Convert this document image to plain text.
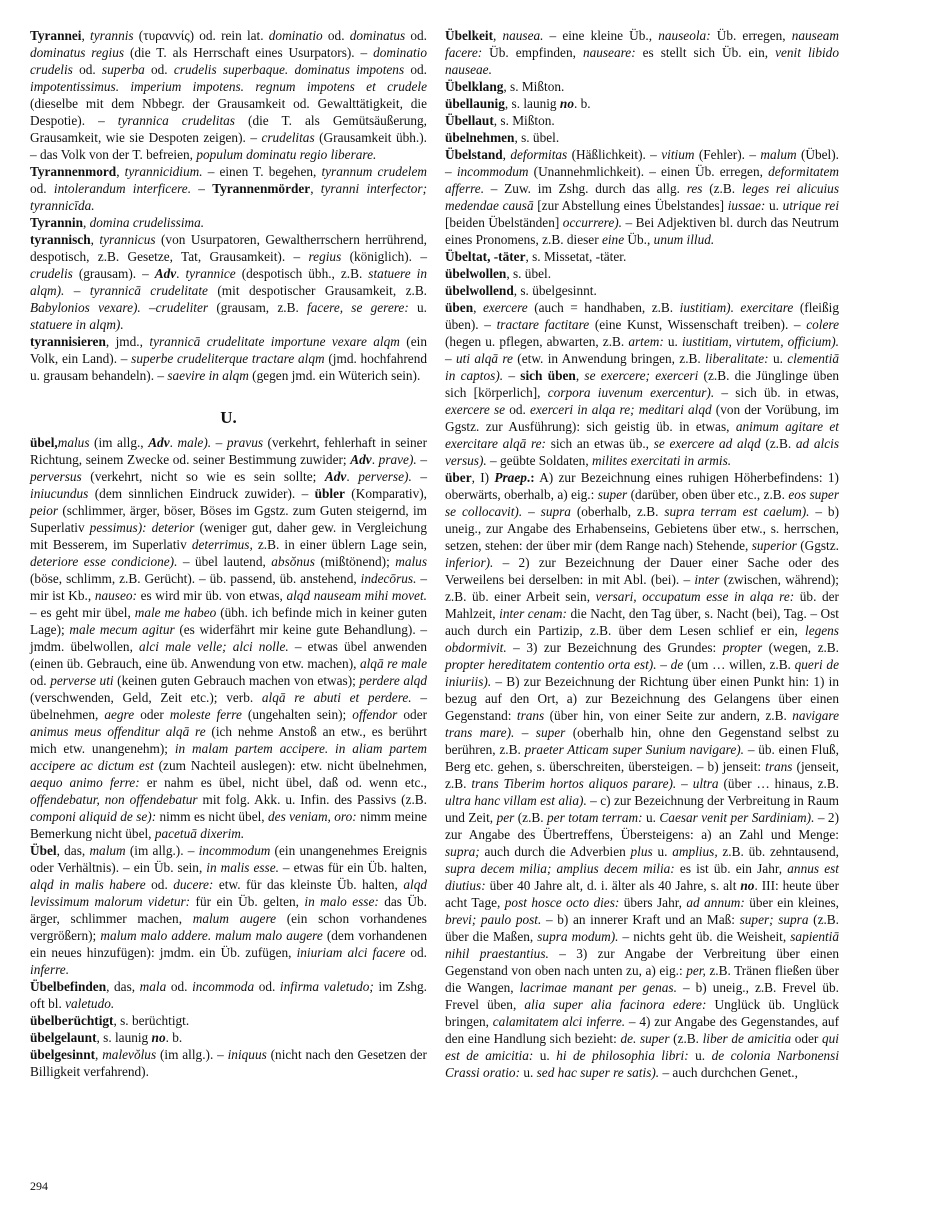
Tyrannei, tyrannis (τυραννίς) od. rein lat. dominatio od. dominatus od. dominatus regius (die T. als Herrschaft eines Usurpators). – dominatio crudelis od. superba od. crudelis superbaque. dominatus impotens od. impotentissimus. imperium impotens. regnum impotens et crudele (dieselbe mit dem Nbbegr. der Grausamkeit od. Gewalttätigkeit, die Despotie). – tyrannica crudelitas (die T. als Gemütsäußerung, Grausamkeit, wie sie Despoten zeigen). – crudelitas (Grausamkeit übh.). – das Volk von der T. befreien, populum dominatu regio liberare.

Tyrannenmord, tyrannicidium. – einen T. begehen, tyrannum crudelem od. intolerandum interficere. – Tyrannenmörder, tyranni interfector; tyrannicīda.

Tyrannin, domina crudelissima.

tyrannisch, tyrannicus (von Usurpatoren, Gewaltherrschern herrührend, despotisch, z.B. Gesetze, Tat, Grausamkeit). – regius (königlich). – crudelis (grausam). – Adv. tyrannice (despotisch übh., z.B. statuere in alqm). – tyrannicā crudelitate (mit despotischer Grausamkeit, z.B. Babylonios vexare). –crudeliter (grausam, z.B. facere, se gerere: u. statuere in alqm).

tyrannisieren, jmd., tyrannicā crudelitate importune vexare alqm (ein Volk, ein Land). – superbe crudeliterque tractare alqm (jmd. hochfahrend u. grausam behandeln). – saevire in alqm (gegen jmd. ein Wüterich sein).

U.

übel,malus (im allg., Adv. male). – pravus (verkehrt, fehlerhaft in seiner Richtung, seinem Zwecke od. seiner Bestimmung zuwider; Adv. prave). – perversus (verkehrt, nicht so wie es sein sollte; Adv. perverse). – iniucundus (dem sinnlichen Eindruck zuwider). – übler (Komparativ), peior (schlimmer, ärger, böser, Böses im Ggstz. zum Guten steigernd, im Superlativ pessimus): deterior (weniger gut, daher gew. in Vergleichung mit Besserem, im Superlativ deterrimus, z.B. in einer üblern Lage sein, deteriore esse condicione). – übel lautend, absŏnus (mißtönend); malus (böse, schlimm, z.B. Gerücht). – üb. passend, üb. anstehend, indecōrus. – mir ist Kb., nauseo: es wird mir üb. von etwas, alqd nauseam mihi movet. – es geht mir übel, male me habeo (übh. ich befinde mich in keiner guten Lage); male mecum agitur (es widerfährt mir keine gute Behandlung). – jmdm. übelwollen, alci male velle; alci nolle. – etwas übel anwenden (einen üb. Gebrauch, eine üb. Anwendung von etw. machen), alqā re male od. perverse uti (keinen guten Gebrauch machen von etwas); perdere alqd (verschwenden, Geld, Zeit etc.); verb. alqā re abuti et perdere. – übelnehmen, aegre oder moleste ferre (ungehalten sein); offendor oder animus meus offenditur alqā re (ich nehme Anstoß an etw., es berührt mich etw. unangenehm); in malam partem accipere. in aliam partem accipere ac dictum est (zum Nachteil auslegen): etw. nicht übelnehmen, aequo animo ferre: er nahm es übel, nicht übel, daß od. wenn etc., offendebatur, non offendebatur mit folg. Akk. u. Infin. des Passivs (z.B. componi aliquid de se): nimm es nicht übel, des veniam, oro: nimm meine Bemerkung nicht übel, pacetuā dixerim.

Übel, das, malum (im allg.). – incommodum (ein unangenehmes Ereignis oder Verhältnis). – ein Üb. sein, in malis esse. – etwas für ein Üb. halten, alqd in malis habere od. ducere: etw. für das kleinste Üb. halten, alqd levissimum malorum videtur: für ein Üb. gelten, in malo esse: das Üb. ärger, schlimmer machen, malum augere (ein schon vorhandenes vergrößern); malum malo addere. malum malo augere (dem vorhandenen ein neues hinzufügen): jmdm. ein Üb. zufügen, iniuriam alci facere od. inferre.

Übelbefinden, das, mala od. incommoda od. infirma valetudo; im Zshg. oft bl. valetudo.

übelberüchtigt, s. berüchtigt.

übelgelaunt, s. launig no. b.

übelgesinnt, malevŏlus (im allg.). – iniquus (nicht nach den Gesetzen der Billigkeit verfahrend).

Übelkeit, nausea. – eine kleine Üb., nauseola: Üb. erregen, nauseam facere: Üb. empfinden, nauseare: es stellt sich Üb. ein, venit libido nauseae.

Übelklang, s. Mißton.

übellaunig, s. launig no. b.

Übellaut, s. Mißton.

übelnehmen, s. übel.

Übelstand, deformitas (Häßlichkeit). – vitium (Fehler). – malum (Übel). – incommodum (Unannehmlichkeit). – einen Üb. erregen, deformitatem afferre. – Zuw. im Zshg. durch das allg. res (z.B. leges rei alicuius medendae causā [zur Abstellung eines Übelstandes] iussae: u. utrique rei [beiden Übelständen] occurrere). – Bei Adjektiven bl. durch das Neutrum eines Pronomens, z.B. dieser eine Üb., unum illud.

Übeltat, -täter, s. Missetat, -täter.

übelwollen, s. übel.

übelwollend, s. übelgesinnt.

üben, exercere (auch = handhaben, z.B. iustitiam). exercitare (fleißig üben). – tractare factitare (eine Kunst, Wissenschaft treiben). – colere (hegen u. pflegen, abwarten, z.B. artem: u. iustitiam, virtutem, officium). – uti alqā re (etw. in Anwendung bringen, z.B. liberalitate: u. clementiā in captos). – sich üben, se exercere; exerceri (z.B. die Jünglinge üben sich [körperlich], corpora iuvenum exercentur). – sich üb. in etwas, exercere se od. exerceri in alqa re; meditari alqd (von der Vorübung, im Ggstz. zur Ausführung): sich geistig üb. in etwas, animum agitare et exercitare alqā re: sich an etwas üb., se exercere ad alqd (z.B. ad alcis versus). – geübte Soldaten, milites exercitati in armis.

über, I) Praep.: A) zur Bezeichnung eines ruhigen Höherbefindens: 1) oberwärts, oberhalb, a) eig.: super (darüber, oben über etc., z.B. eos super se collocavit). – supra (oberhalb, z.B. supra terram est caelum). – b) uneig., zur Angabe des Erhabenseins, Gebietens über etw., s. herrschen, setzen, stehen: der über mir (dem Range nach) Stehende, superior (Ggstz. inferior). – 2) zur Bezeichnung der Dauer einer Sache oder des Verweilens bei derselben: in mit Abl. (bei). – inter (zwischen, während); z.B. üb. einer Arbeit sein, versari, occupatum esse in alqa re: üb. der Mahlzeit, inter cenam: die Nacht, den Tag über, s. Nacht (bei), Tag. – Ost auch durch ein Partizip, z.B. über dem Lesen schlief er ein, legens obdormivit. – 3) zur Bezeichnung des Grundes: propter (wegen, z.B. propter hereditatem contentio orta est). – de (um … willen, z.B. queri de iniuriis). – B) zur Bezeichnung der Richtung über einen Punkt hin: 1) in bezug auf den Ort, a) zur Bezeichnung des Gelangens über einen Gegenstand: trans (über hin, von einer Seite zur andern, z.B. navigare trans mare). – super (oberhalb hin, ohne den Gegenstand selbst zu berühren, z.B. praeter Atticam super Sunium navigare). – üb. einen Fluß, Berg etc. gehen, s. überschreiten, übersteigen. – b) jenseit: trans (jenseit, z.B. trans Tiberim hortos aliquos parare). – ultra (über … hinaus, z.B. ultra hanc villam est alia). – c) zur Bezeichnung der Verbreitung in Raum und Zeit, per (z.B. per totam terram: u. Caesar venit per Sardiniam). – 2) zur Angabe des Übertreffens, Übersteigens: a) an Zahl und Menge: supra; auch durch die Adverbien plus u. amplius, z.B. üb. zehntausend, supra decem milia; amplius decem milia: es ist üb. ein Jahr, annus est diutius: über 40 Jahre alt, d. i. älter als 40 Jahre, s. alt no. III: heute über acht Tage, post hosce octo dies: übers Jahr, ad annum: über ein kleines, brevi; paulo post. – b) an innerer Kraft und an Maß: super; supra (z.B. über die Maßen, supra modum). – nichts geht üb. die Weisheit, sapientiā nihil praestantius. – 3) zur Angabe der Verbreitung über einen Gegenstand von oben nach unten zu, a) eig.: per, z.B. Tränen fließen über die Wangen, lacrimae manant per genas. – b) uneig., z.B. Frevel üb. Frevel üben, alia super alia facinora edere: Unglück üb. Unglück bringen, calamitatem alci inferre. – 4) zur Angabe des Gegenstandes, auf den eine Handlung sich bezieht: de. super (z.B. liber de amicitia oder qui est de amicitia: u. hi de philosophia libri: u. de colonia Narbonensi Crassi oratio: u. sed hac super re satis). – auch durchchen Genet.,

294
